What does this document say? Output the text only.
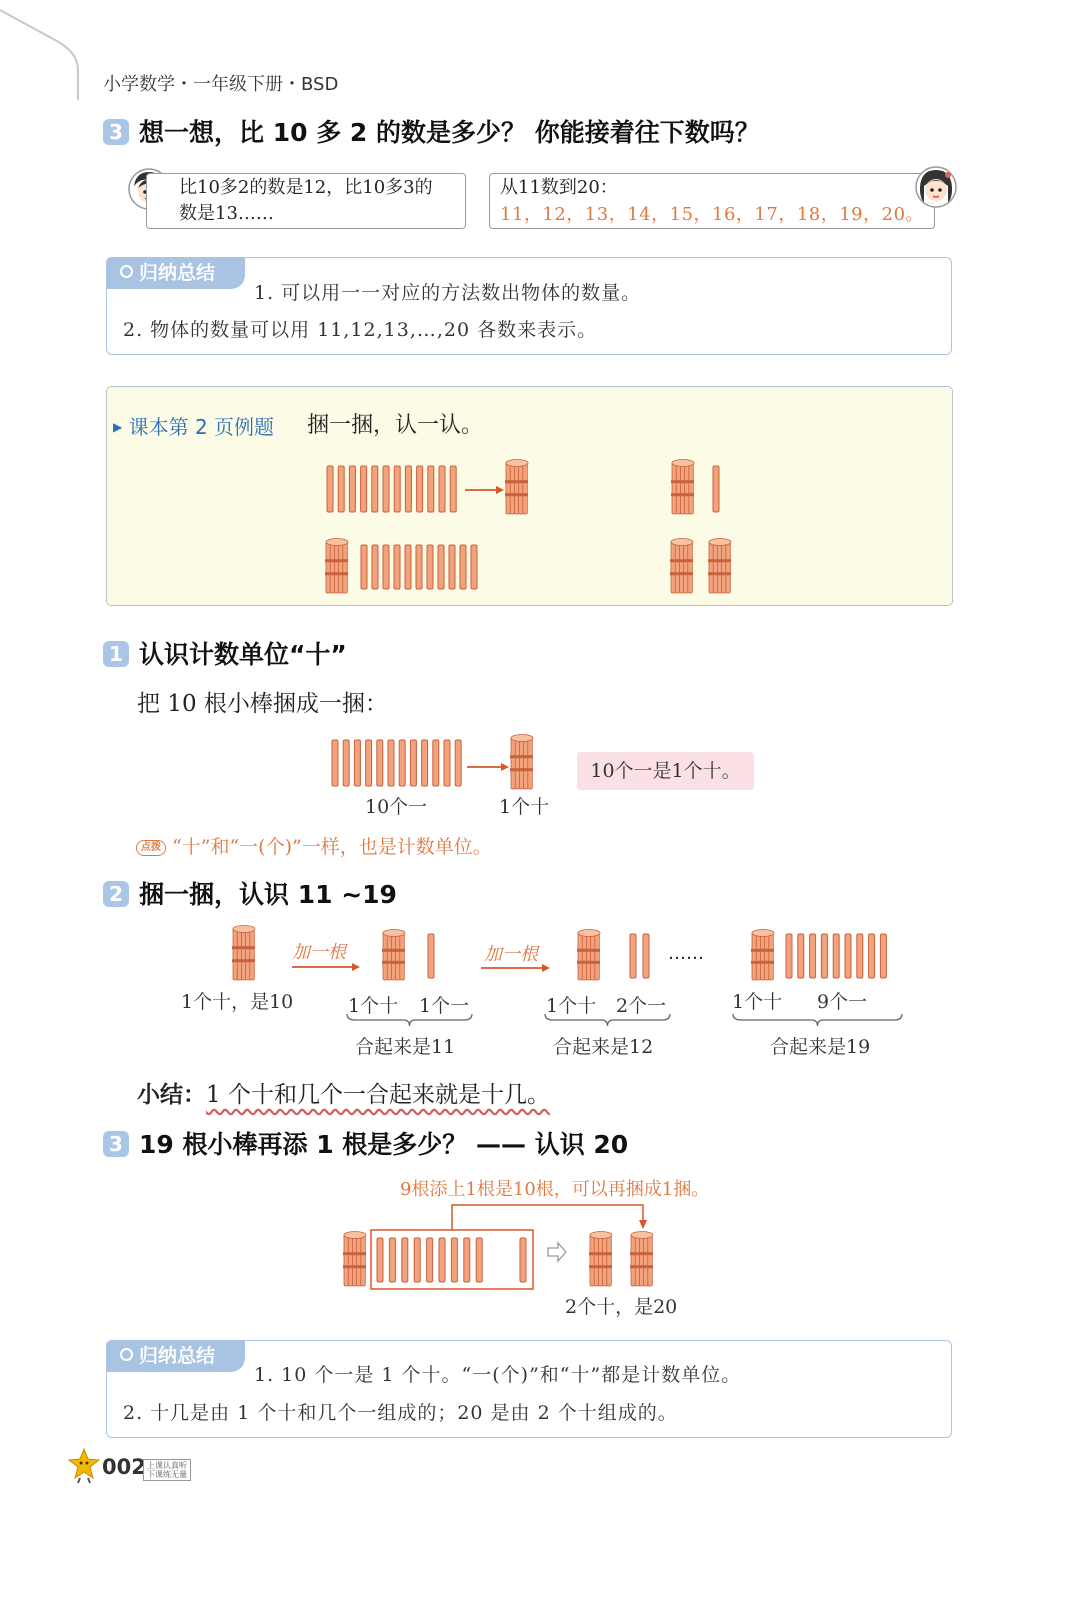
小学数学・一年级下册・BSD
3 想一想，比 10 多 2 的数是多少？ 你能接着往下数吗？
比10多2的数是12，比10多3的
数是13……
从11数到20：
11，12，13，14，15，16，17，18，19，20。
归纳总结
1. 可以用一一对应的方法数出物体的数量。
2. 物体的数量可以用 11,12,13,…,20 各数来表示。
▶ 课本第 2 页例题 捆一捆，认一认。
1 认识计数单位“十”
把 10 根小棒捆成一捆：
10个一	1个十
10个一是1个十。
点拨 “十”和“一(个)”一样，也是计数单位。
2 捆一捆，认识 11 ~19
加一根	加一根	……
1个十，是10	1个十 1个一
合起来是11
1个十 2个一
合起来是12
1个十 9个一
合起来是19
小结：1 个十和几个一合起来就是十几。
3 19 根小棒再添 1 根是多少？ —— 认识 20
9根添上1根是10根，可以再捆成1捆。
2个十，是20
归纳总结
1. 10 个一是 1 个十。“一(个)”和“十”都是计数单位。
2. 十几是由 1 个十和几个一组成的；20 是由 2 个十组成的。
002 上课认真听
下课练无量
